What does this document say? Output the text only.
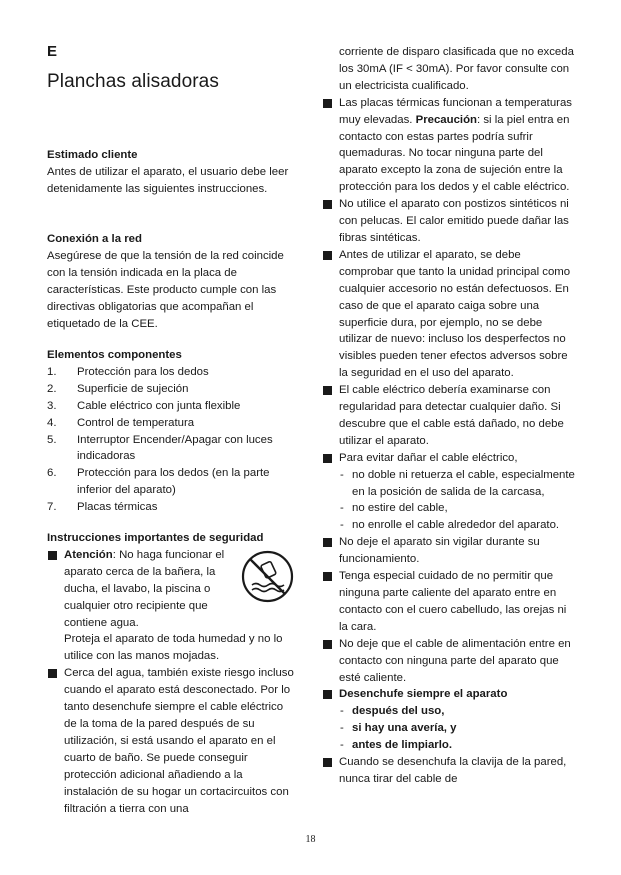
E
Planchas alisadoras
Estimado cliente

Antes de utilizar el aparato, el usuario debe leer detenidamente las siguientes instrucciones.

Conexión a la red

Asegúrese de que la tensión de la red coincide con la tensión indicada en la placa de características. Este producto cumple con las directivas obligatorias que acompañan el etiquetado de la CEE.

Elementos componentes
1. Protección para los dedos
2. Superficie de sujeción
3. Cable eléctrico con junta flexible
4. Control de temperatura
5. Interruptor Encender/Apagar con luces indicadoras
6. Protección para los dedos (en la parte inferior del aparato)
7. Placas térmicas
Instrucciones importantes de seguridad

Atención: No haga funcionar el aparato cerca de la bañera, la ducha, el lavabo, la piscina o cualquier otro recipiente que contiene agua.

Proteja el aparato de toda humedad y no lo utilice con las manos mojadas.

Cerca del agua, también existe riesgo incluso cuando el aparato está desconectado. Por lo tanto desenchufe siempre el cable eléctrico de la toma de la pared después de su utilización, si está usando el aparato en el cuarto de baño. Se puede conseguir protección adicional añadiendo a la instalación de su hogar un cortacircuitos con filtración a tierra con una

corriente de disparo clasificada que no exceda los 30mA (IF < 30mA). Por favor consulte con un electricista cualificado.

Las placas térmicas funcionan a temperaturas muy elevadas. Precaución: si la piel entra en contacto con estas partes podría sufrir quemaduras. No tocar ninguna parte del aparato excepto la zona de sujeción entre la protección para los dedos y el cable eléctrico.

No utilice el aparato con postizos sintéticos ni con pelucas. El calor emitido puede dañar las fibras sintéticas.

Antes de utilizar el aparato, se debe comprobar que tanto la unidad principal como cualquier accesorio no están defectuosos. En caso de que el aparato caiga sobre una superficie dura, por ejemplo, no se debe utilizar de nuevo: incluso los desperfectos no visibles pueden tener efectos adversos sobre la seguridad en el uso del aparato.

El cable eléctrico debería examinarse con regularidad para detectar cualquier daño. Si descubre que el cable está dañado, no debe utilizar el aparato.

Para evitar dañar el cable eléctrico,

- no doble ni retuerza el cable, especialmente en la posición de salida de la carcasa,
- no estire del cable,
- no enrolle el cable alrededor del aparato.

No deje el aparato sin vigilar durante su funcionamiento.

Tenga especial cuidado de no permitir que ninguna parte caliente del aparato entre en contacto con el cuero cabelludo, las orejas ni la cara.

No deje que el cable de alimentación entre en contacto con ninguna parte del aparato que esté caliente.

Desenchufe siempre el aparato

- después del uso,
- si hay una avería, y
- antes de limpiarlo.

Cuando se desenchufa la clavija de la pared, nunca tirar del cable de

18
